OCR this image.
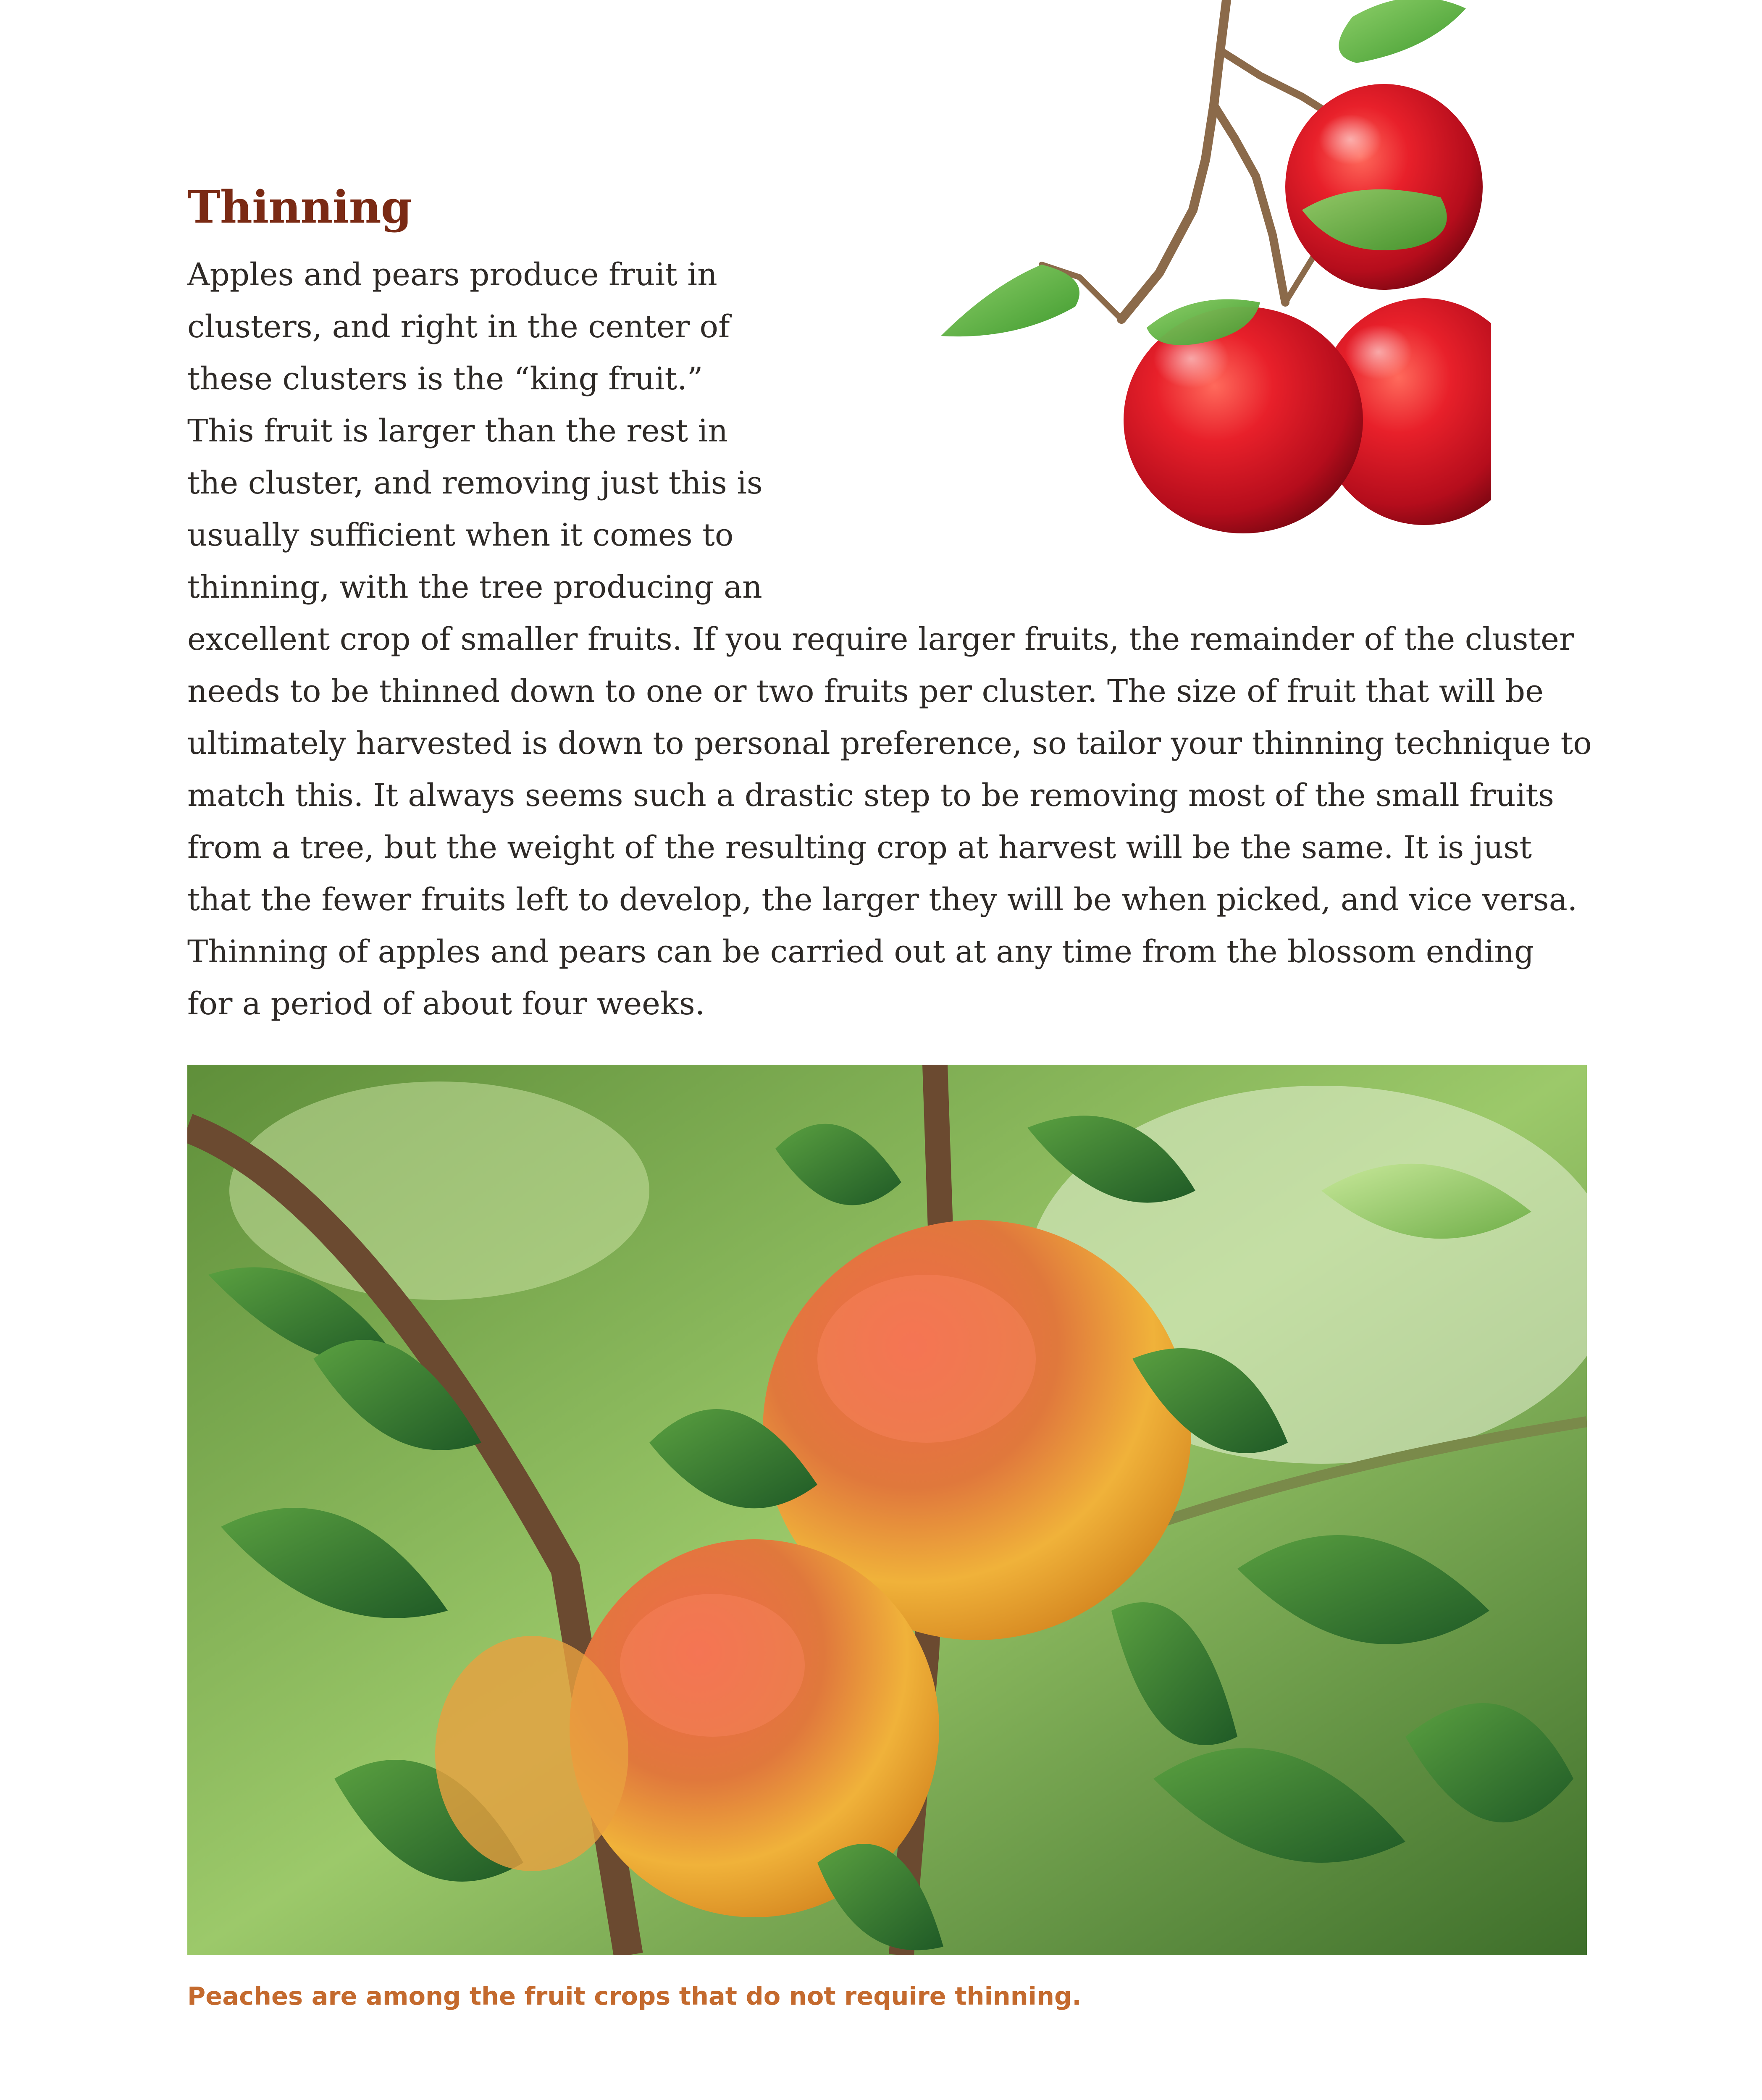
Thinning
Apples and pears produce fruit in
clusters, and right in the center of
these clusters is the “king fruit.”
This fruit is larger than the rest in
the cluster, and removing just this is
usually sufficient when it comes to
thinning, with the tree producing an
excellent crop of smaller fruits. If you require larger fruits, the remainder of the cluster
needs to be thinned down to one or two fruits per cluster. The size of fruit that will be
ultimately harvested is down to personal preference, so tailor your thinning technique to
match this. It always seems such a drastic step to be removing most of the small fruits
from a tree, but the weight of the resulting crop at harvest will be the same. It is just
that the fewer fruits left to develop, the larger they will be when picked, and vice versa.
Thinning of apples and pears can be carried out at any time from the blossom ending
for a period of about four weeks.

Peaches are among the fruit crops that do not require thinning.
